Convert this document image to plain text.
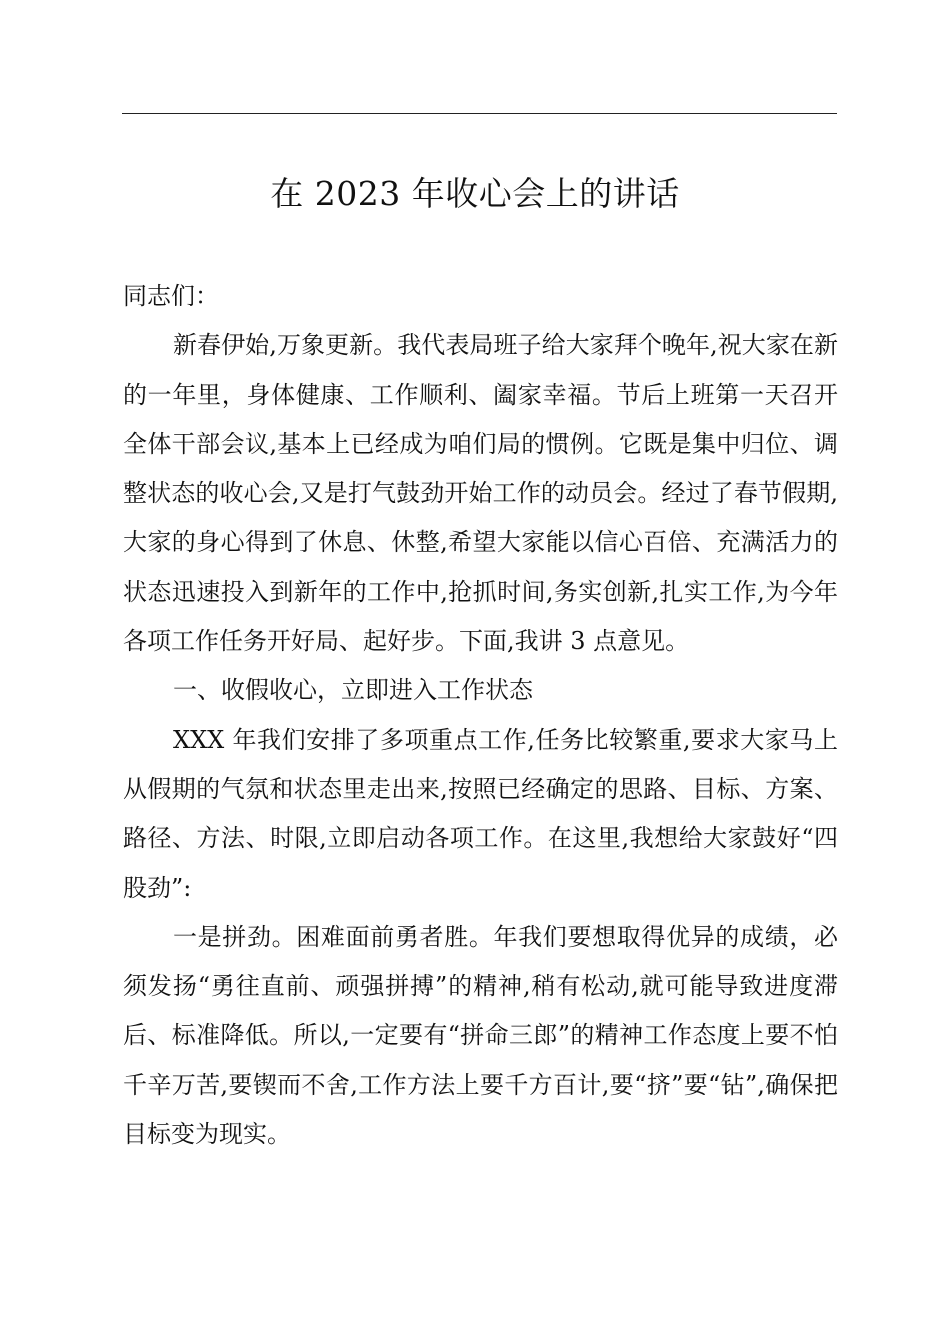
在 2023 年收心会上的讲话

同志们：

新春伊始,万象更新。我代表局班子给大家拜个晚年,祝大家在新的一年里，身体健康、工作顺利、阖家幸福。节后上班第一天召开全体干部会议,基本上已经成为咱们局的惯例。它既是集中归位、调整状态的收心会,又是打气鼓劲开始工作的动员会。经过了春节假期,大家的身心得到了休息、休整,希望大家能以信心百倍、充满活力的状态迅速投入到新年的工作中,抢抓时间,务实创新,扎实工作,为今年各项工作任务开好局、起好步。下面,我讲 3 点意见。

一、收假收心，立即进入工作状态

XXX 年我们安排了多项重点工作,任务比较繁重,要求大家马上从假期的气氛和状态里走出来,按照已经确定的思路、目标、方案、路径、方法、时限,立即启动各项工作。在这里,我想给大家鼓好“四股劲”:

一是拼劲。困难面前勇者胜。年我们要想取得优异的成绩，必须发扬“勇往直前、顽强拼搏”的精神,稍有松动,就可能导致进度滞后、标准降低。所以,一定要有“拼命三郎”的精神工作态度上要不怕千辛万苦,要锲而不舍,工作方法上要千方百计,要“挤”要“钻”,确保把目标变为现实。
